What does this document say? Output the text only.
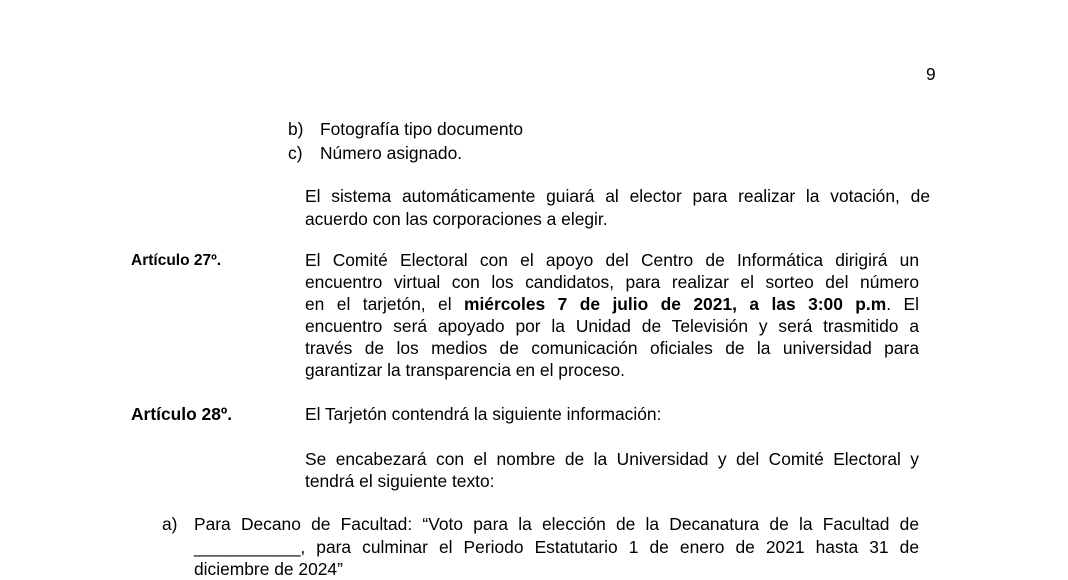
9
b) Fotografía tipo documento
c) Número asignado.
El sistema automáticamente guiará al elector para realizar la votación, de
acuerdo con las corporaciones a elegir.
Artículo 27º.	El Comité Electoral con el apoyo del Centro de Informática dirigirá un
encuentro virtual con los candidatos, para realizar el sorteo del número
en el tarjetón, el miércoles 7 de julio de 2021, a las 3:00 p.m. El
encuentro será apoyado por la Unidad de Televisión y será trasmitido a
través de los medios de comunicación oficiales de la universidad para
garantizar la transparencia en el proceso.
Artículo 28º.	El Tarjetón contendrá la siguiente información:
Se encabezará con el nombre de la Universidad y del Comité Electoral y
tendrá el siguiente texto:
a) Para Decano de Facultad: “Voto para la elección de la Decanatura de la Facultad de
___________, para culminar el Periodo Estatutario 1 de enero de 2021 hasta 31 de
diciembre de 2024”
